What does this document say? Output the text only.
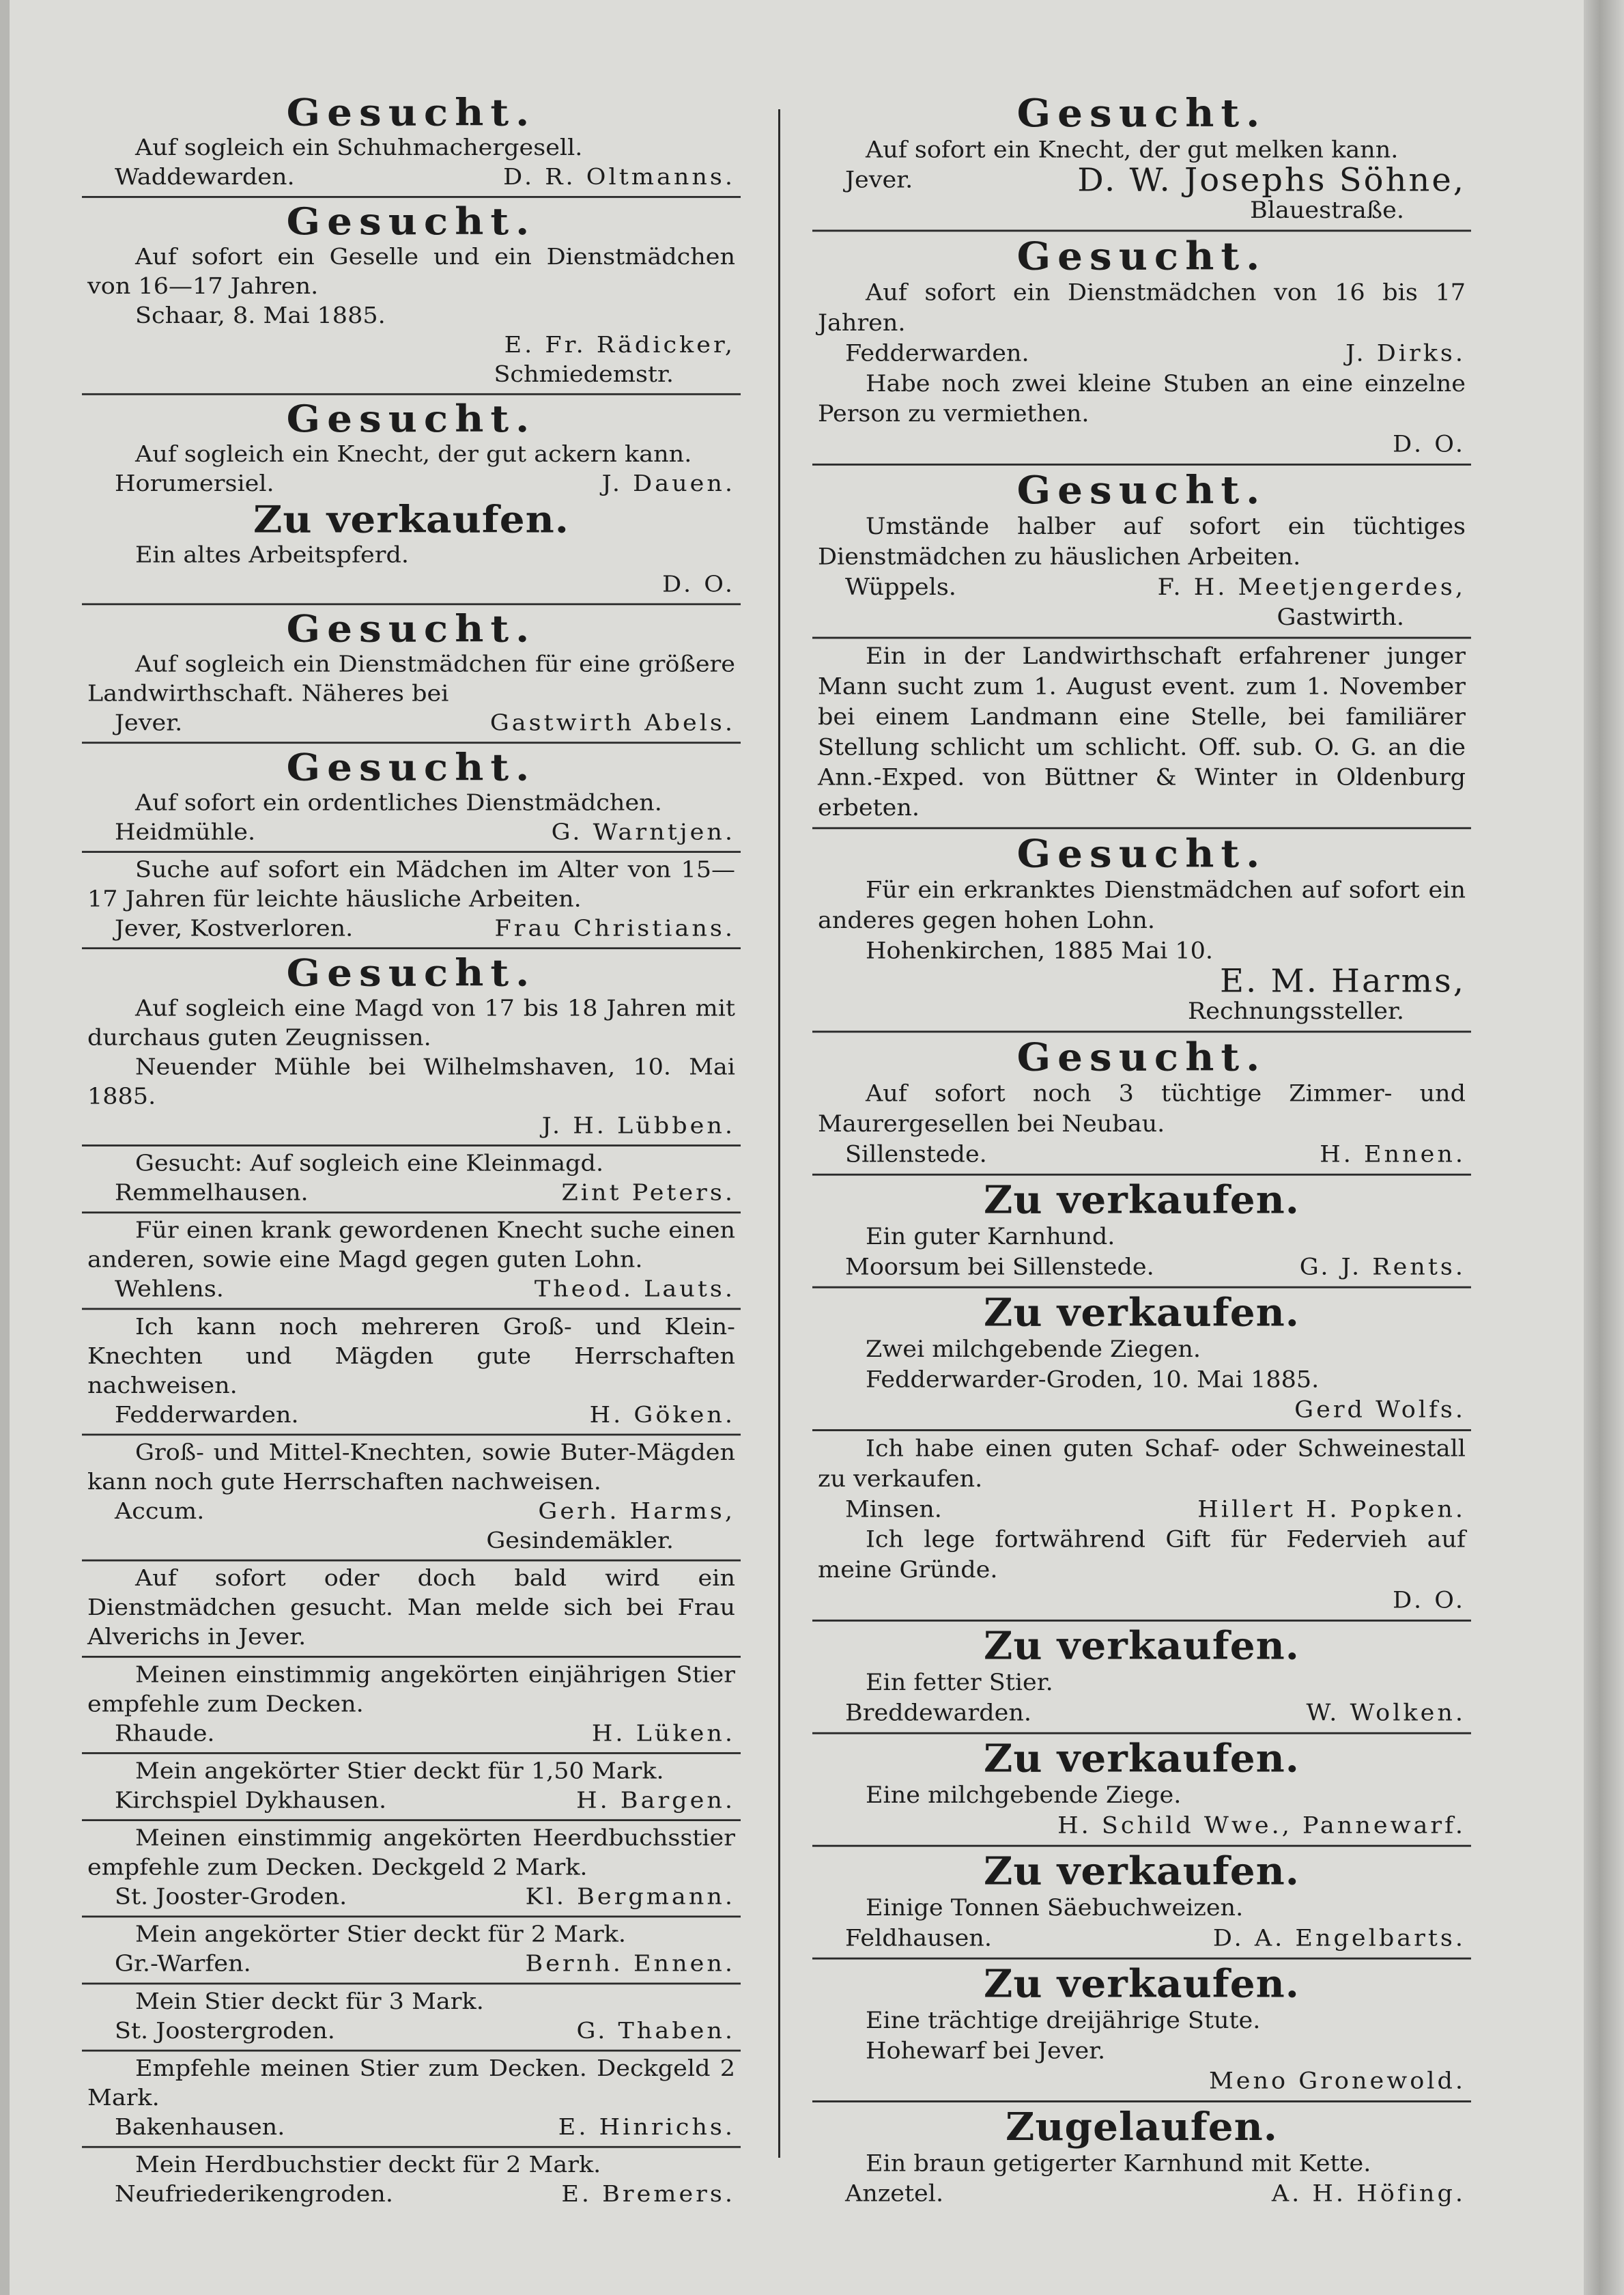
Gesucht.
Auf sogleich ein Schuhmachergesell.
Waddewarden.	D. R. Oltmanns.
Gesucht.
Auf sofort ein Geselle und ein Dienstmädchen von 16—17 Jahren.
Schaar, 8. Mai 1885.
E. Fr. Rädicker,
Schmiedemstr.
Gesucht.
Auf sogleich ein Knecht, der gut ackern kann.
Horumersiel.	J. Dauen.
Zu verkaufen.
Ein altes Arbeitspferd.
D. O.
Gesucht.
Auf sogleich ein Dienstmädchen für eine größere Landwirthschaft. Näheres bei
Jever.	Gastwirth Abels.
Gesucht.
Auf sofort ein ordentliches Dienstmädchen.
Heidmühle.	G. Warntjen.
Suche auf sofort ein Mädchen im Alter von 15—17 Jahren für leichte häusliche Arbeiten.
Jever, Kostverloren.	Frau Christians.
Gesucht.
Auf sogleich eine Magd von 17 bis 18 Jahren mit durchaus guten Zeugnissen.
Neuender Mühle bei Wilhelmshaven, 10. Mai 1885.
J. H. Lübben.
Gesucht: Auf sogleich eine Kleinmagd.
Remmelhausen.	Zint Peters.
Für einen krank gewordenen Knecht suche einen anderen, sowie eine Magd gegen guten Lohn.
Wehlens.	Theod. Lauts.
Ich kann noch mehreren Groß- und Klein-Knechten und Mägden gute Herrschaften nachweisen.
Fedderwarden.	H. Göken.
Groß- und Mittel-Knechten, sowie Buter-Mägden kann noch gute Herrschaften nachweisen.
Accum.	Gerh. Harms,
Gesindemäkler.
Auf sofort oder doch bald wird ein Dienstmädchen gesucht. Man melde sich bei Frau Alverichs in Jever.
Meinen einstimmig angekörten einjährigen Stier empfehle zum Decken.
Rhaude.	H. Lüken.
Mein angekörter Stier deckt für 1,50 Mark.
Kirchspiel Dykhausen.	H. Bargen.
Meinen einstimmig angekörten Heerdbuchsstier empfehle zum Decken. Deckgeld 2 Mark.
St. Jooster-Groden.	Kl. Bergmann.
Mein angekörter Stier deckt für 2 Mark.
Gr.-Warfen.	Bernh. Ennen.
Mein Stier deckt für 3 Mark.
St. Joostergroden.	G. Thaben.
Empfehle meinen Stier zum Decken. Deckgeld 2 Mark.
Bakenhausen.	E. Hinrichs.
Mein Herdbuchstier deckt für 2 Mark.
Neufriederikengroden.	E. Bremers.
Gesucht.
Auf sofort ein Knecht, der gut melken kann.
Jever.	D. W. Josephs Söhne,
Blauestraße.
Gesucht.
Auf sofort ein Dienstmädchen von 16 bis 17 Jahren.
Fedderwarden.	J. Dirks.
Habe noch zwei kleine Stuben an eine einzelne Person zu vermiethen.
D. O.
Gesucht.
Umstände halber auf sofort ein tüchtiges Dienstmädchen zu häuslichen Arbeiten.
Wüppels.	F. H. Meetjengerdes,
Gastwirth.
Ein in der Landwirthschaft erfahrener junger Mann sucht zum 1. August event. zum 1. November bei einem Landmann eine Stelle, bei familiärer Stellung schlicht um schlicht. Off. sub. O. G. an die Ann.-Exped. von Büttner & Winter in Oldenburg erbeten.
Gesucht.
Für ein erkranktes Dienstmädchen auf sofort ein anderes gegen hohen Lohn.
Hohenkirchen, 1885 Mai 10.
E. M. Harms,
Rechnungssteller.
Gesucht.
Auf sofort noch 3 tüchtige Zimmer- und Maurergesellen bei Neubau.
Sillenstede.	H. Ennen.
Zu verkaufen.
Ein guter Karnhund.
Moorsum bei Sillenstede.	G. J. Rents.
Zu verkaufen.
Zwei milchgebende Ziegen.
Fedderwarder-Groden, 10. Mai 1885.
Gerd Wolfs.
Ich habe einen guten Schaf- oder Schweinestall zu verkaufen.
Minsen.	Hillert H. Popken.
Ich lege fortwährend Gift für Federvieh auf meine Gründe.
D. O.
Zu verkaufen.
Ein fetter Stier.
Breddewarden.	W. Wolken.
Zu verkaufen.
Eine milchgebende Ziege.
H. Schild Wwe., Pannewarf.
Zu verkaufen.
Einige Tonnen Säebuchweizen.
Feldhausen.	D. A. Engelbarts.
Zu verkaufen.
Eine trächtige dreijährige Stute.
Hohewarf bei Jever.
Meno Gronewold.
Zugelaufen.
Ein braun getigerter Karnhund mit Kette.
Anzetel.	A. H. Höfing.
